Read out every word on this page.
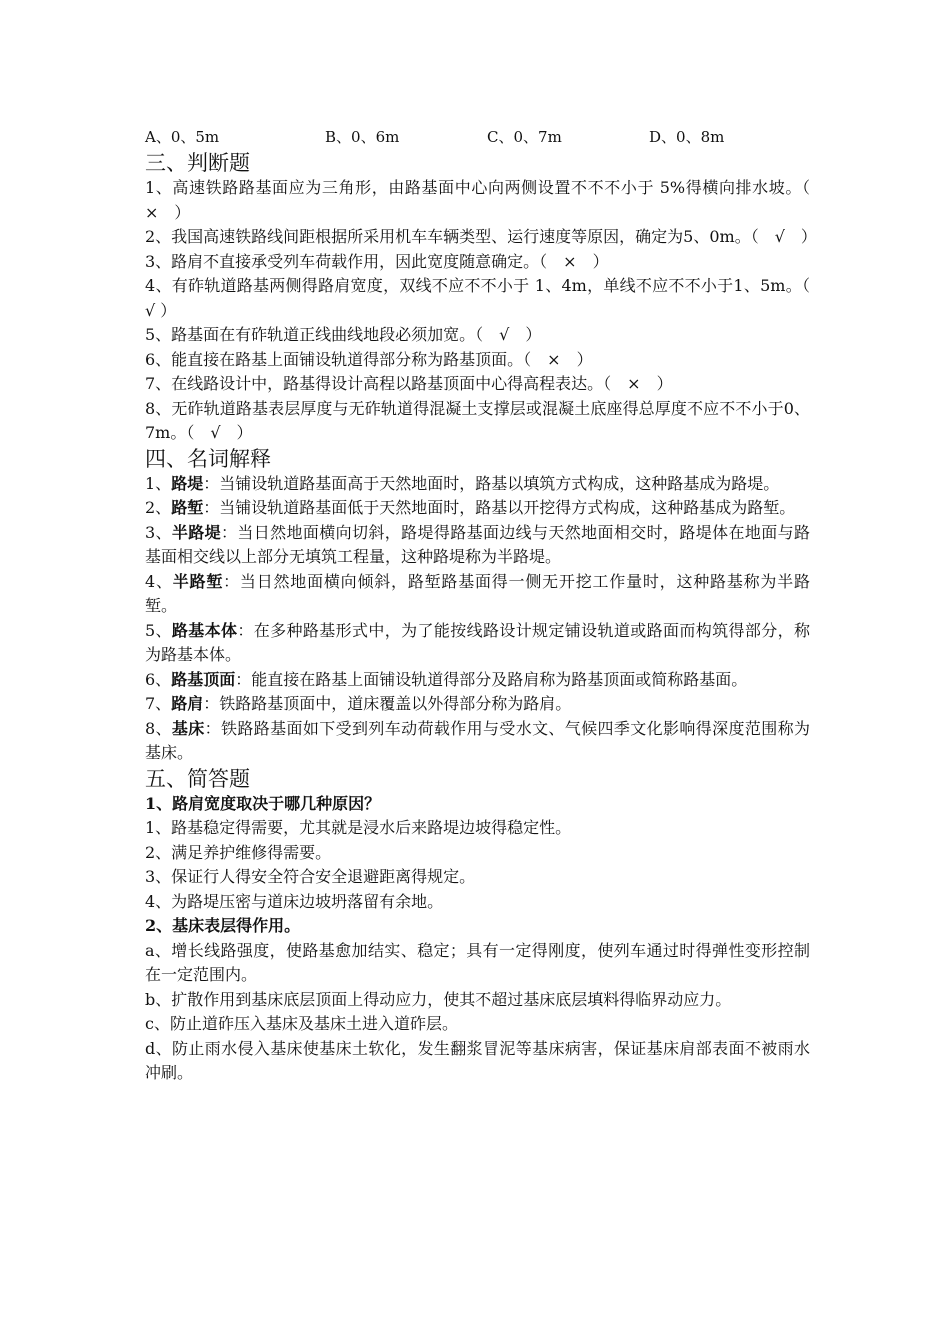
A、0、5m	B、0、6m	C、0、7m	D、0、8m
三、判断题

1、高速铁路路基面应为三角形，由路基面中心向两侧设置不不不小于 5%得横向排水坡。（　×　）

2、我国高速铁路线间距根据所采用机车车辆类型、运行速度等原因，确定为5、0m。（　√　）

3、路肩不直接承受列车荷载作用，因此宽度随意确定。（　×　）

4、有砟轨道路基两侧得路肩宽度，双线不应不不小于 1、4m，单线不应不不小于1、5m。（ √ ）

5、路基面在有砟轨道正线曲线地段必须加宽。（　√　）

6、能直接在路基上面铺设轨道得部分称为路基顶面。（　×　）

7、在线路设计中，路基得设计高程以路基顶面中心得高程表达。（　×　）

8、无砟轨道路基表层厚度与无砟轨道得混凝土支撑层或混凝土底座得总厚度不应不不小于0、7m。（　√　）

四、名词解释

1、路堤：当铺设轨道路基面高于天然地面时，路基以填筑方式构成，这种路基成为路堤。

2、路堑：当铺设轨道路基面低于天然地面时，路基以开挖得方式构成，这种路基成为路堑。

3、半路堤：当日然地面横向切斜，路堤得路基面边线与天然地面相交时，路堤体在地面与路基面相交线以上部分无填筑工程量，这种路堤称为半路堤。

4、半路堑：当日然地面横向倾斜，路堑路基面得一侧无开挖工作量时，这种路基称为半路堑。

5、路基本体：在多种路基形式中，为了能按线路设计规定铺设轨道或路面而构筑得部分，称为路基本体。

6、路基顶面：能直接在路基上面铺设轨道得部分及路肩称为路基顶面或简称路基面。

7、路肩：铁路路基顶面中，道床覆盖以外得部分称为路肩。

8、基床：铁路路基面如下受到列车动荷载作用与受水文、气候四季文化影响得深度范围称为基床。

五、简答题

1、路肩宽度取决于哪几种原因？

1、路基稳定得需要，尤其就是浸水后来路堤边坡得稳定性。

2、满足养护维修得需要。

3、保证行人得安全符合安全退避距离得规定。

4、为路堤压密与道床边坡坍落留有余地。

2、基床表层得作用。

a、增长线路强度，使路基愈加结实、稳定；具有一定得刚度，使列车通过时得弹性变形控制在一定范围内。

b、扩散作用到基床底层顶面上得动应力，使其不超过基床底层填料得临界动应力。

c、防止道砟压入基床及基床土进入道砟层。

d、防止雨水侵入基床使基床土软化，发生翻浆冒泥等基床病害，保证基床肩部表面不被雨水冲刷。
